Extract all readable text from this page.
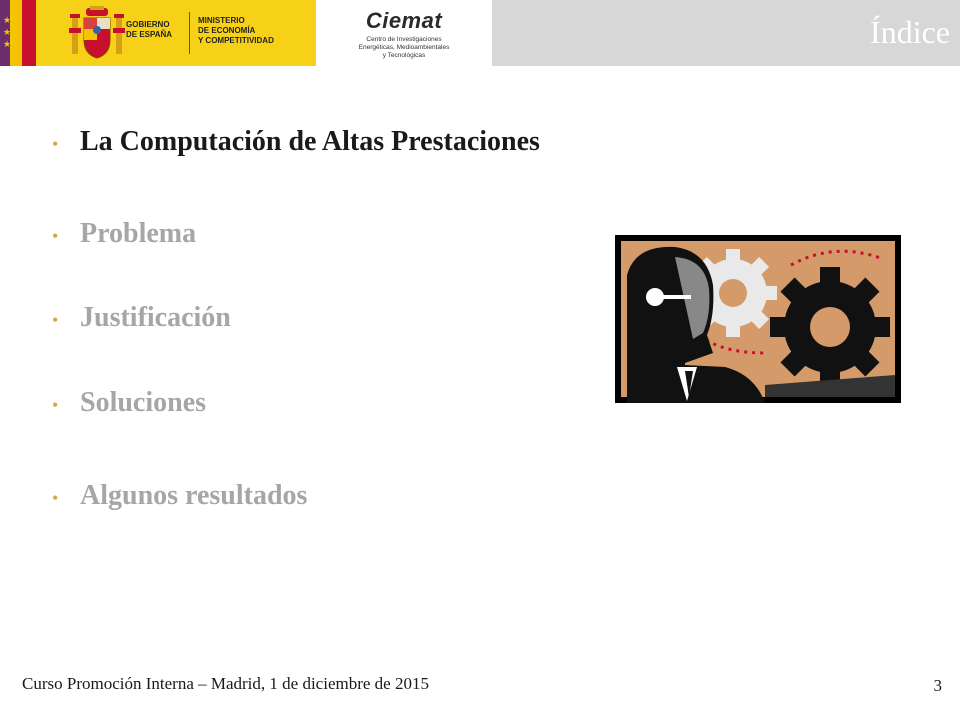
★
★
★
GOBIERNO
DE ESPAÑA
MINISTERIO
DE ECONOMÍA
Y COMPETITIVIDAD
Ciemat
Centro de Investigaciones
Energéticas, Medioambientales
y Tecnológicas
Índice
• La Computación de Altas Prestaciones
• Problema
• Justificación
• Soluciones
• Algunos resultados
Curso Promoción Interna – Madrid, 1 de diciembre de 2015	3
